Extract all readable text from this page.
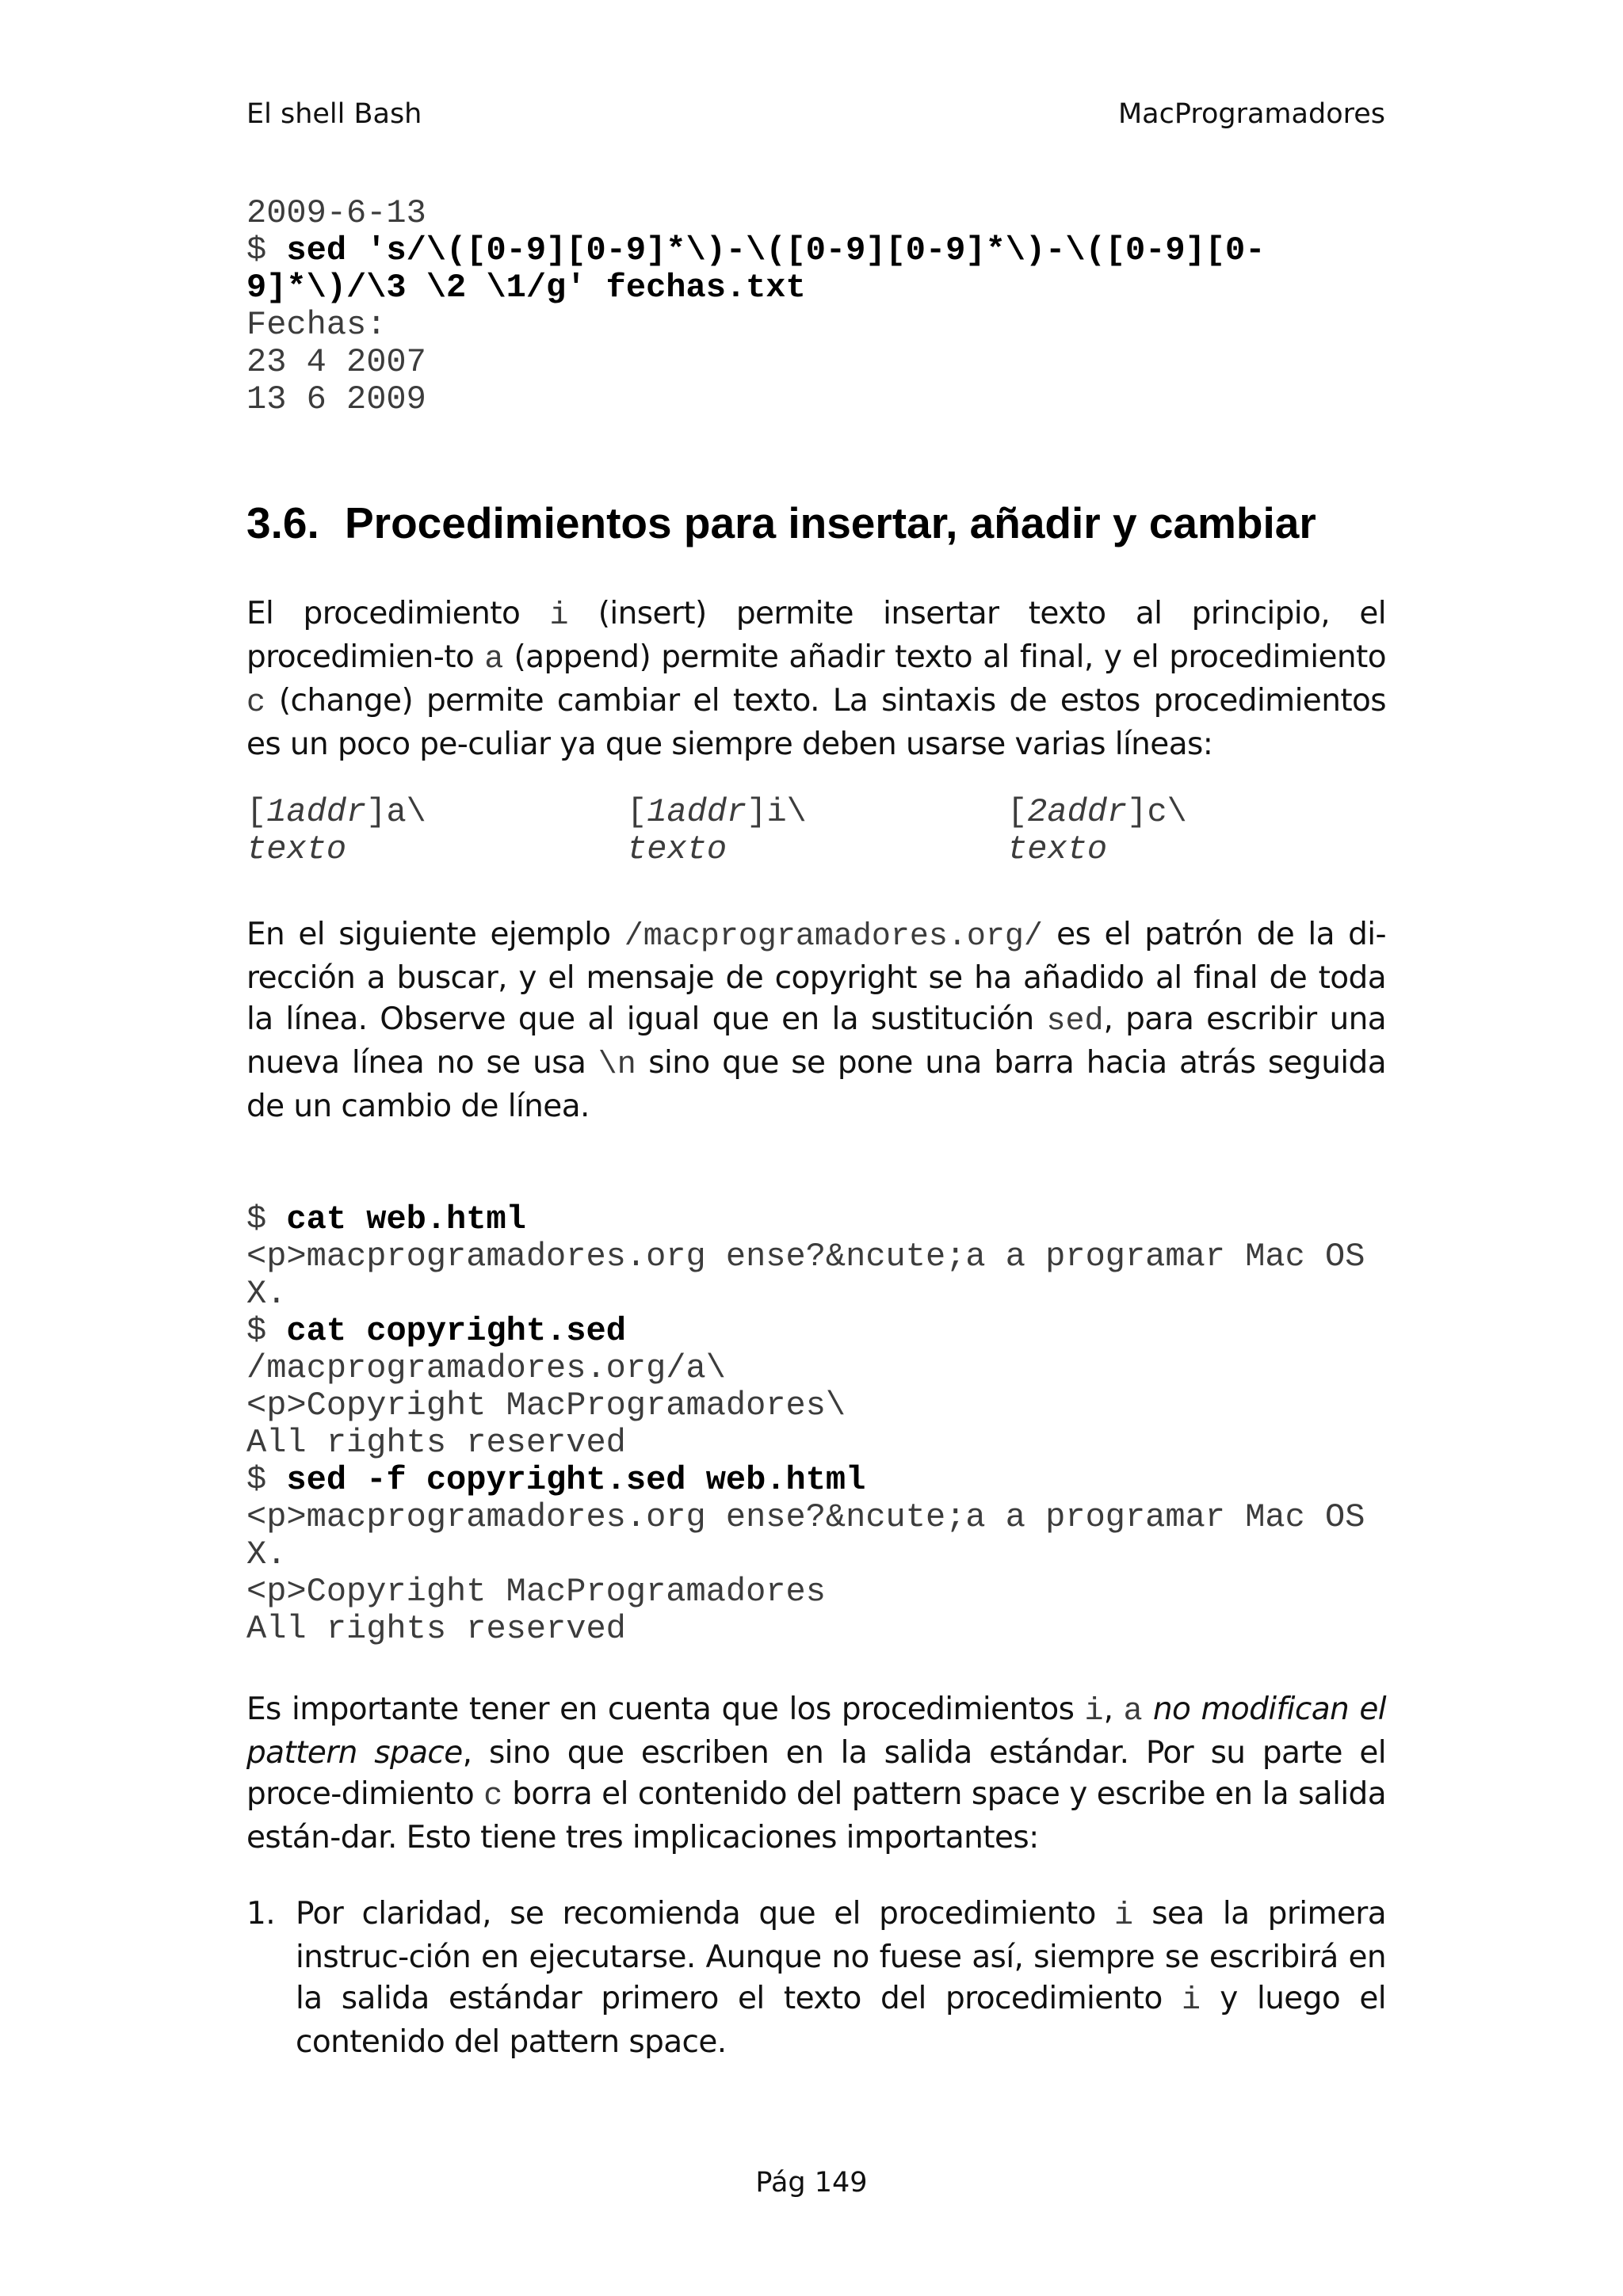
El shell Bash	MacProgramadores
2009-6-13
$ sed 's/\([0-9][0-9]*\)-\([0-9][0-9]*\)-\([0-9][0-
9]*\)/\3 \2 \1/g' fechas.txt
Fechas:
23 4 2007
13 6 2009
3.6. Procedimientos para insertar, añadir y cambiar

El procedimiento i (insert) permite insertar texto al principio, el procedimien-to a (append) permite añadir texto al final, y el procedimiento c (change) permite cambiar el texto. La sintaxis de estos procedimientos es un poco pe-culiar ya que siempre deben usarse varias líneas:

[1addr]a\
texto
[1addr]i\
texto
[2addr]c\
texto

En el siguiente ejemplo /macprogramadores.org/ es el patrón de la di-rección a buscar, y el mensaje de copyright se ha añadido al final de toda la línea. Observe que al igual que en la sustitución sed, para escribir una nueva línea no se usa \n sino que se pone una barra hacia atrás seguida de un cambio de línea.

$ cat web.html
<p>macprogramadores.org ense?&ncute;a a programar Mac OS
X.
$ cat copyright.sed
/macprogramadores.org/a\
<p>Copyright MacProgramadores\
All rights reserved
$ sed -f copyright.sed web.html
<p>macprogramadores.org ense?&ncute;a a programar Mac OS
X.
<p>Copyright MacProgramadores
All rights reserved

Es importante tener en cuenta que los procedimientos i, a no modifican el pattern space, sino que escriben en la salida estándar. Por su parte el proce-dimiento c borra el contenido del pattern space y escribe en la salida están-dar. Esto tiene tres implicaciones importantes:

1. Por claridad, se recomienda que el procedimiento i sea la primera instruc-ción en ejecutarse. Aunque no fuese así, siempre se escribirá en la salida estándar primero el texto del procedimiento i y luego el contenido del pattern space.
Pág 149
